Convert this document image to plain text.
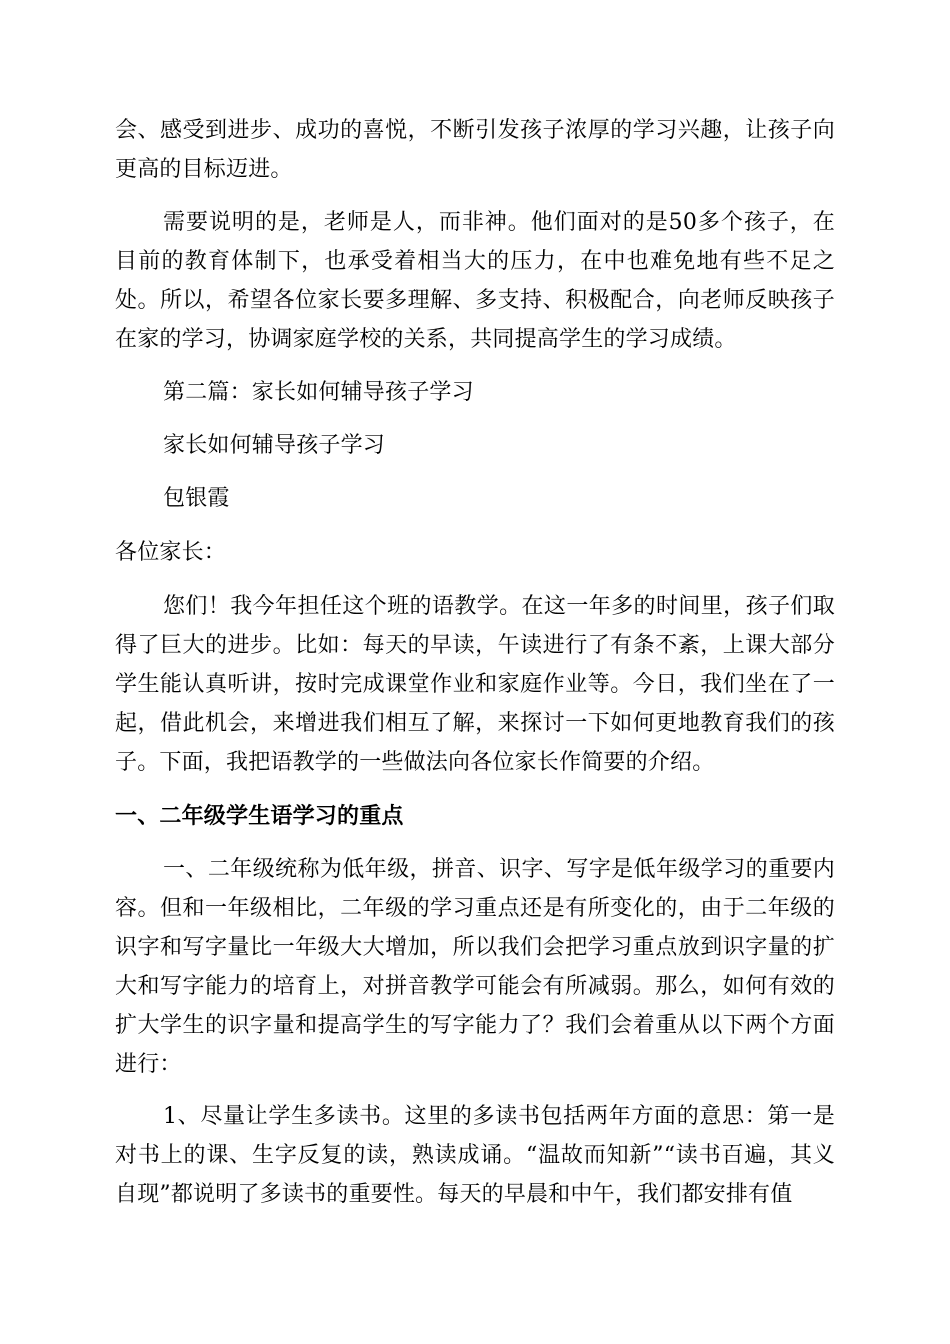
会、感受到进步、成功的喜悦，不断引发孩子浓厚的学习兴趣，让孩子向更高的目标迈进。

需要说明的是，老师是人，而非神。他们面对的是50多个孩子，在目前的教育体制下，也承受着相当大的压力，在中也难免地有些不足之处。所以，希望各位家长要多理解、多支持、积极配合，向老师反映孩子在家的学习，协调家庭学校的关系，共同提高学生的学习成绩。

第二篇：家长如何辅导孩子学习

家长如何辅导孩子学习

包银霞

各位家长：

您们！我今年担任这个班的语教学。在这一年多的时间里，孩子们取得了巨大的进步。比如：每天的早读，午读进行了有条不紊，上课大部分学生能认真听讲，按时完成课堂作业和家庭作业等。今日，我们坐在了一起，借此机会，来增进我们相互了解，来探讨一下如何更地教育我们的孩子。下面，我把语教学的一些做法向各位家长作简要的介绍。

一、二年级学生语学习的重点

一、二年级统称为低年级，拼音、识字、写字是低年级学习的重要内容。但和一年级相比，二年级的学习重点还是有所变化的，由于二年级的识字和写字量比一年级大大增加，所以我们会把学习重点放到识字量的扩大和写字能力的培育上，对拼音教学可能会有所减弱。那么，如何有效的扩大学生的识字量和提高学生的写字能力了？我们会着重从以下两个方面进行：

1、尽量让学生多读书。这里的多读书包括两年方面的意思：第一是对书上的课、生字反复的读，熟读成诵。“温故而知新”“读书百遍，其义自现”都说明了多读书的重要性。每天的早晨和中午，我们都安排有值
